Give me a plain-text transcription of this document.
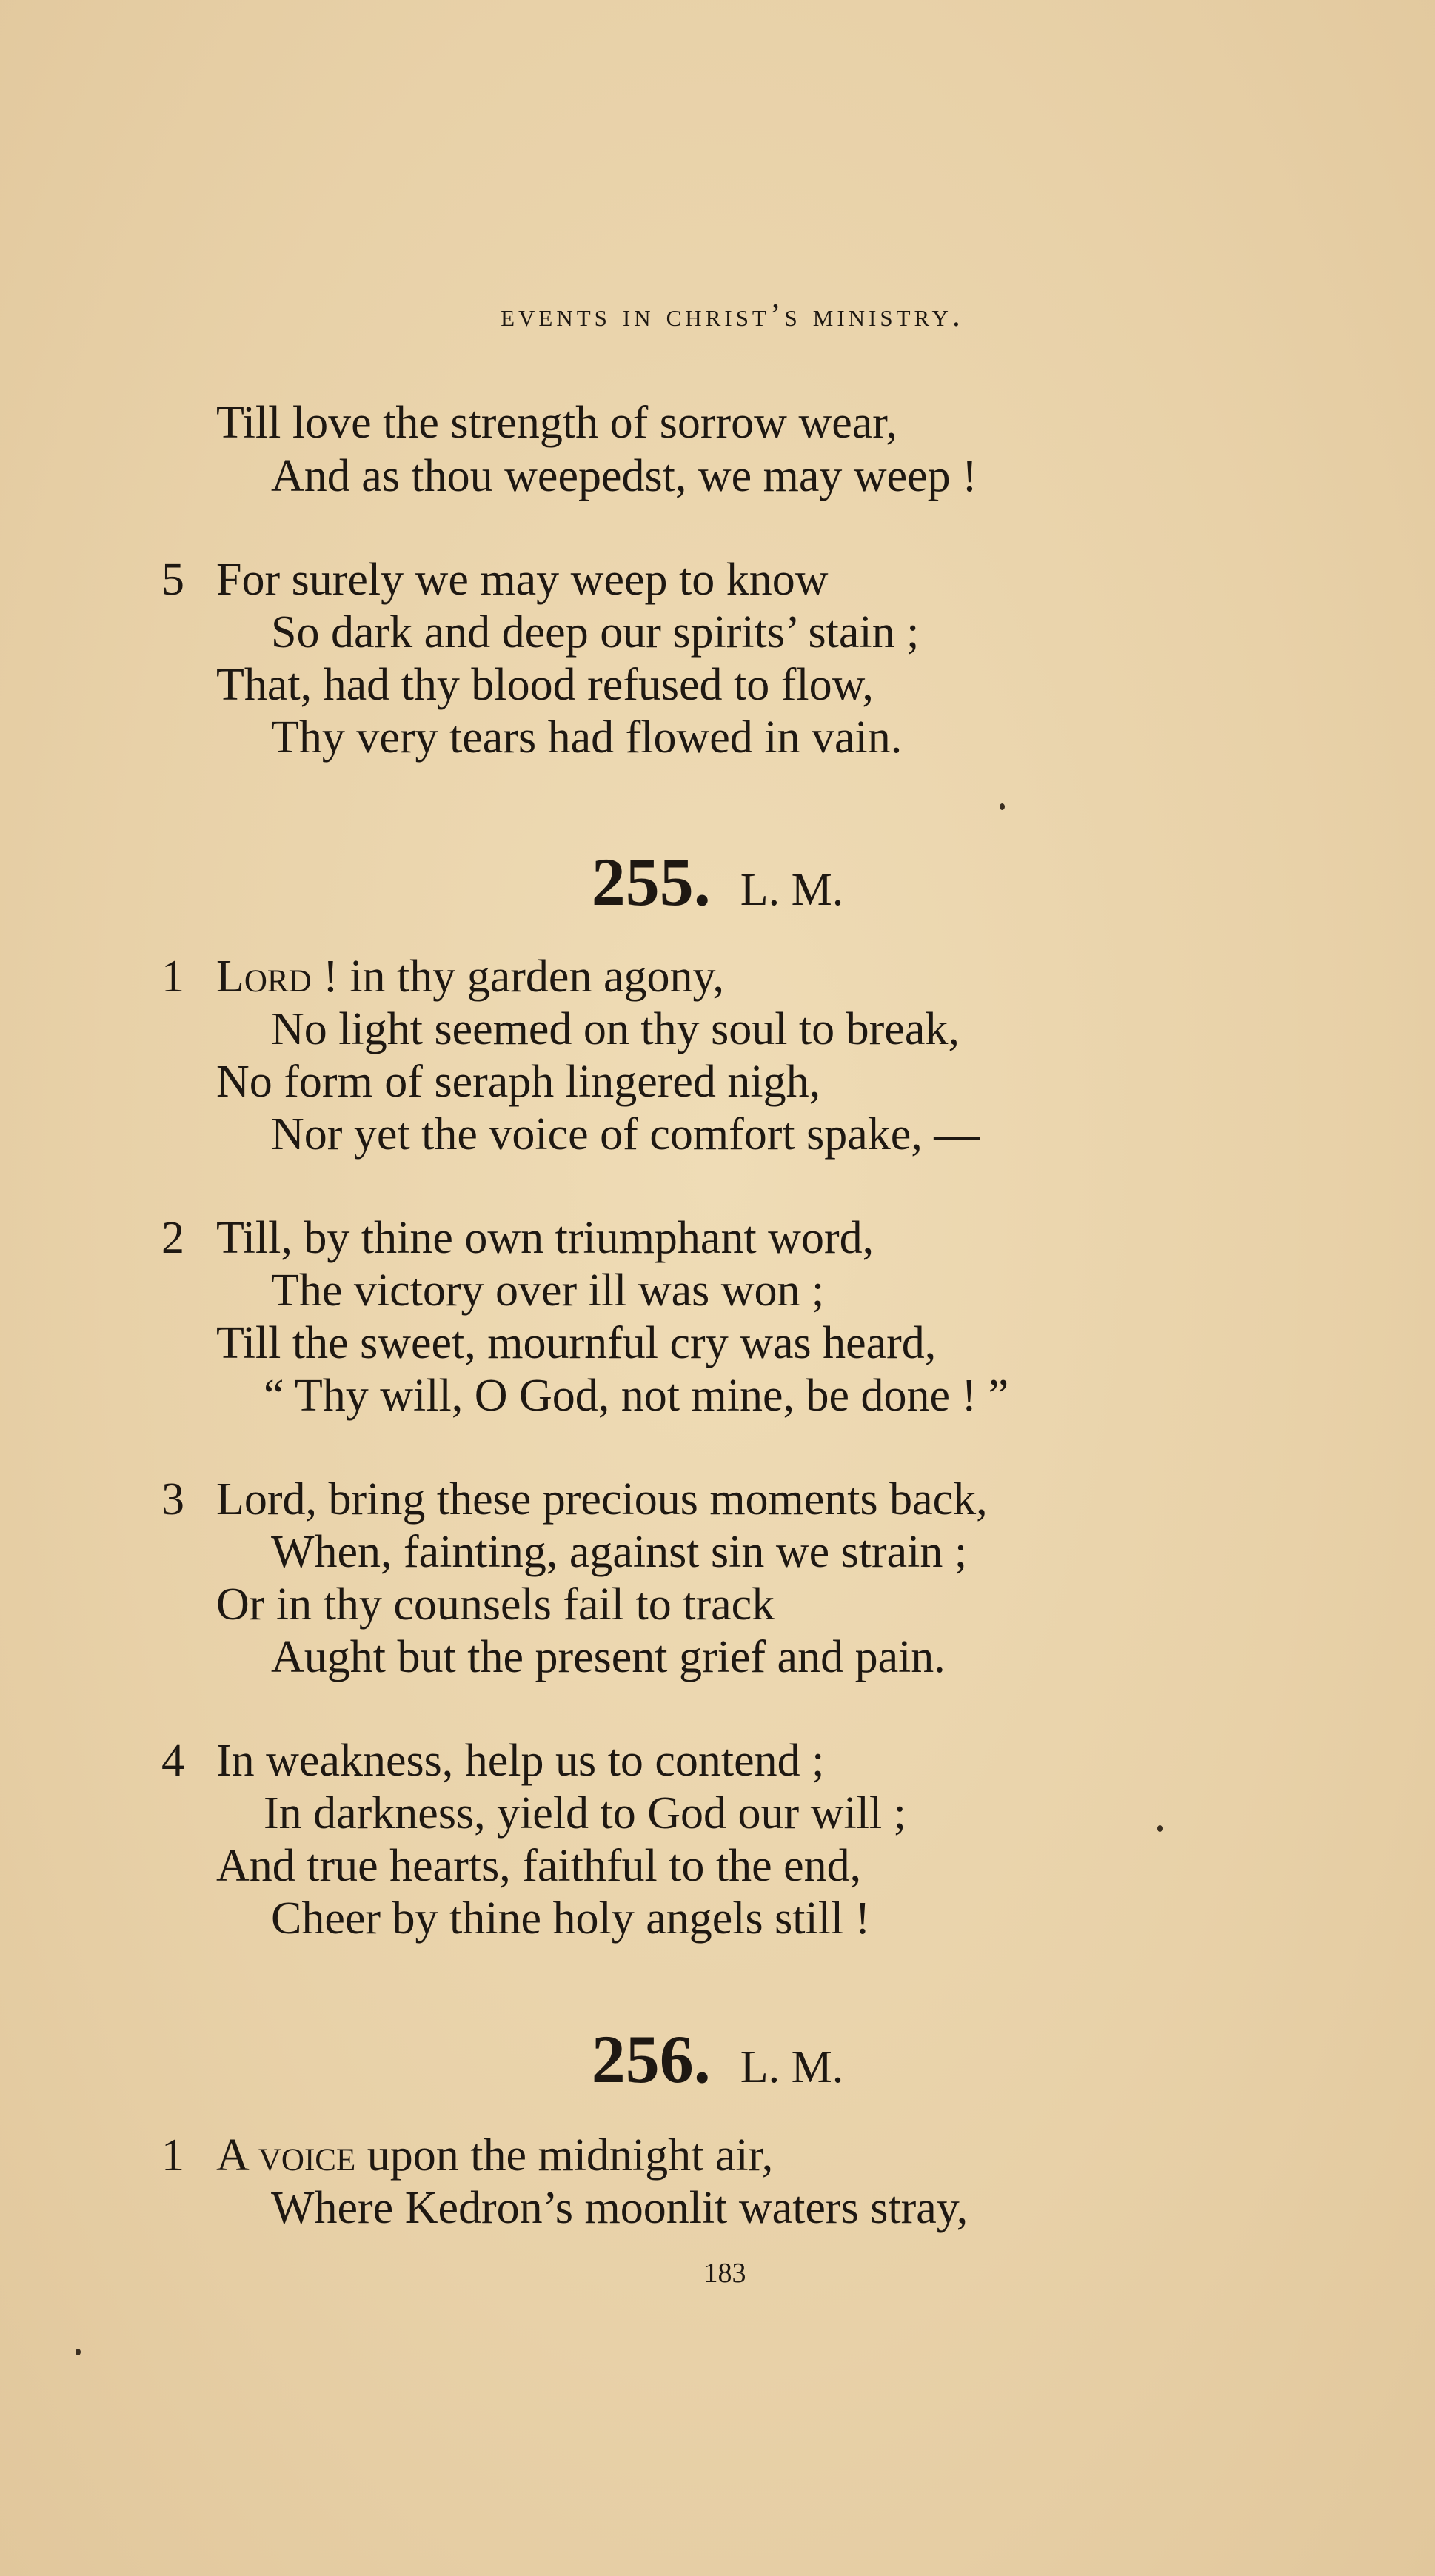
events in christ’s ministry.
Till love the strength of sorrow wear,
And as thou weepedst, we may weep !
5 For surely we may weep to know
So dark and deep our spirits’ stain ;
That, had thy blood refused to flow,
Thy very tears had flowed in vain.
255. L. M.
1 Lord ! in thy garden agony,
No light seemed on thy soul to break,
No form of seraph lingered nigh,
Nor yet the voice of comfort spake, —
2 Till, by thine own triumphant word,
The victory over ill was won ;
Till the sweet, mournful cry was heard,
“ Thy will, O God, not mine, be done ! ”
3 Lord, bring these precious moments back,
When, fainting, against sin we strain ;
Or in thy counsels fail to track
Aught but the present grief and pain.
4 In weakness, help us to contend ;
In darkness, yield to God our will ;
And true hearts, faithful to the end,
Cheer by thine holy angels still !
256. L. M.
1 A voice upon the midnight air,
Where Kedron’s moonlit waters stray,
183
